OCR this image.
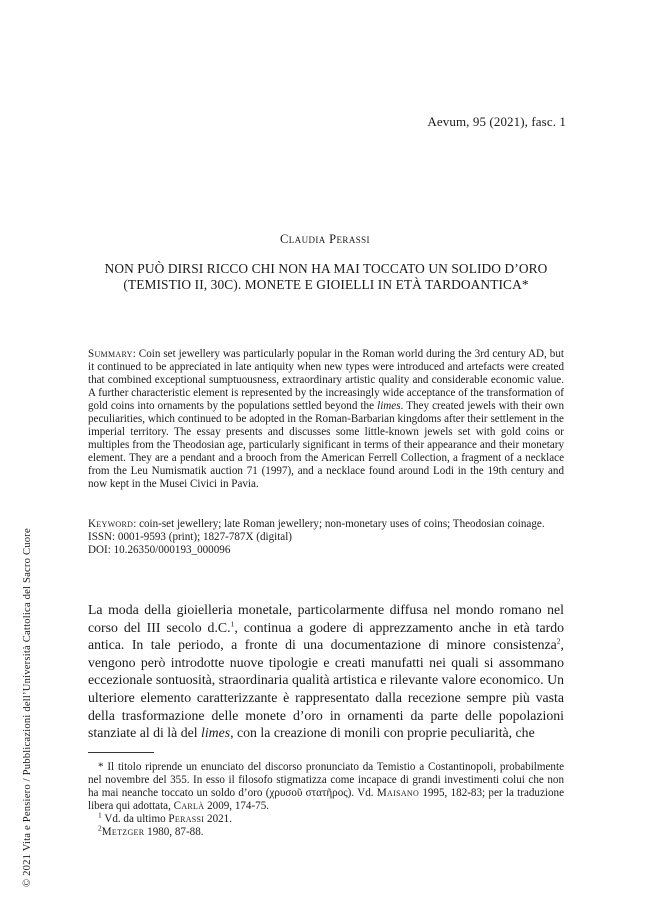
Aevum, 95 (2021), fasc. 1
© 2021 Vita e Pensiero / Pubblicazioni dell’Università Cattolica del Sacro Cuore
Claudia Perassi
NON PUÒ DIRSI RICCO CHI NON HA MAI TOCCATO UN SOLIDO D’ORO (TEMISTIO II, 30C). MONETE E GIOIELLI IN ETÀ TARDOANTICA*
Summary: Coin set jewellery was particularly popular in the Roman world during the 3rd century AD, but it continued to be appreciated in late antiquity when new types were introduced and artefacts were created that combined exceptional sumptuousness, extraordinary artistic quality and considerable economic value. A further characteristic element is represented by the increasingly wide acceptance of the transformation of gold coins into ornaments by the populations settled beyond the limes. They created jewels with their own peculiarities, which continued to be adopted in the Roman-Barbarian kingdoms after their settlement in the imperial territory. The essay presents and discusses some little-known jewels set with gold coins or multiples from the Theodosian age, particularly significant in terms of their appearance and their monetary element. They are a pendant and a brooch from the American Ferrell Collection, a fragment of a necklace from the Leu Numismatik auction 71 (1997), and a necklace found around Lodi in the 19th century and now kept in the Musei Civici in Pavia.
Keyword: coin-set jewellery; late Roman jewellery; non-monetary uses of coins; Theodosian coinage.
ISSN: 0001-9593 (print); 1827-787X (digital)
DOI: 10.26350/000193_000096

La moda della gioielleria monetale, particolarmente diffusa nel mondo romano nel corso del III secolo d.C.$^1$, continua a godere di apprezzamento anche in età tardo antica. In tale periodo, a fronte di una documentazione di minore consistenza$^2$, vengono però introdotte nuove tipologie e creati manufatti nei quali si assommano eccezionale sontuosità, straordinaria qualità artistica e rilevante valore economico. Un ulteriore elemento caratterizzante è rappresentato dalla recezione sempre più vasta della trasformazione delle monete d’oro in ornamenti da parte delle popolazioni stanziate al di là del limes, con la creazione di monili con proprie peculiarità, che

* Il titolo riprende un enunciato del discorso pronunciato da Temistio a Costantinopoli, probabilmente nel novembre del 355. In esso il filosofo stigmatizza come incapace di grandi investimenti colui che non ha mai neanche toccato un soldo d’oro (χρυσοῦ στατῆρος). Vd. Maisano 1995, 182-83; per la traduzione libera qui adottata, Carlà 2009, 174-75.

$^1$ Vd. da ultimo Perassi 2021.

$^2$Metzger 1980, 87-88.
